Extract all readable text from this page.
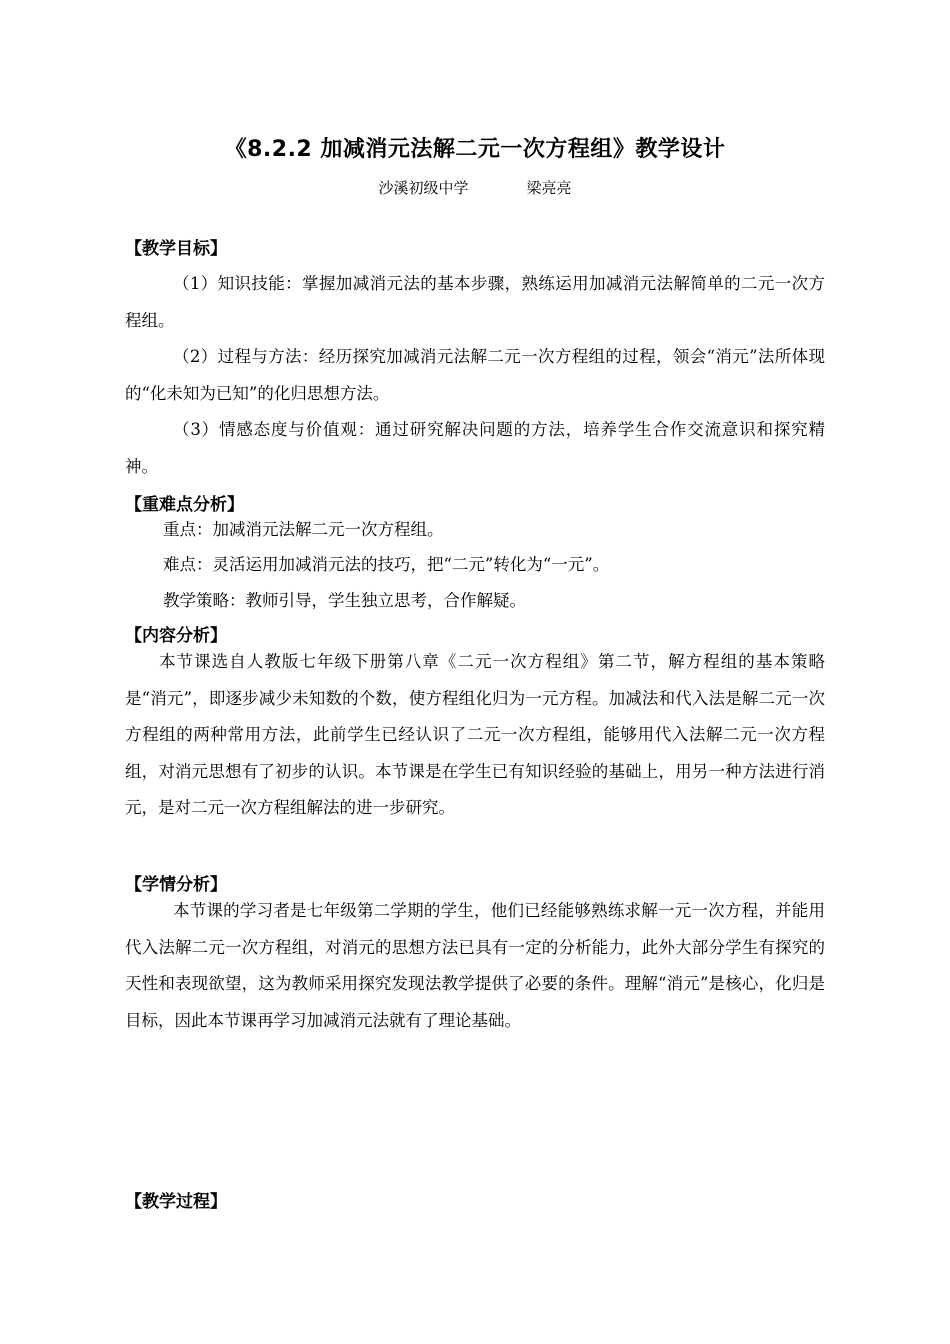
《8.2.2 加减消元法解二元一次方程组》教学设计
沙溪初级中学	梁亮亮
【教学目标】

（1）知识技能：掌握加减消元法的基本步骤，熟练运用加减消元法解简单的二元一次方程组。

（2）过程与方法：经历探究加减消元法解二元一次方程组的过程，领会“消元”法所体现的“化未知为已知”的化归思想方法。

（3）情感态度与价值观：通过研究解决问题的方法，培养学生合作交流意识和探究精神。

【重难点分析】
重点：加减消元法解二元一次方程组。
难点：灵活运用加减消元法的技巧，把“二元”转化为“一元”。
教学策略：教师引导，学生独立思考，合作解疑。
【内容分析】

本节课选自人教版七年级下册第八章《二元一次方程组》第二节，解方程组的基本策略是“消元”，即逐步减少未知数的个数，使方程组化归为一元方程。加减法和代入法是解二元一次方程组的两种常用方法，此前学生已经认识了二元一次方程组，能够用代入法解二元一次方程组，对消元思想有了初步的认识。本节课是在学生已有知识经验的基础上，用另一种方法进行消元，是对二元一次方程组解法的进一步研究。

【学情分析】

本节课的学习者是七年级第二学期的学生，他们已经能够熟练求解一元一次方程，并能用代入法解二元一次方程组，对消元的思想方法已具有一定的分析能力，此外大部分学生有探究的天性和表现欲望，这为教师采用探究发现法教学提供了必要的条件。理解“消元”是核心，化归是目标，因此本节课再学习加减消元法就有了理论基础。

【教学过程】
